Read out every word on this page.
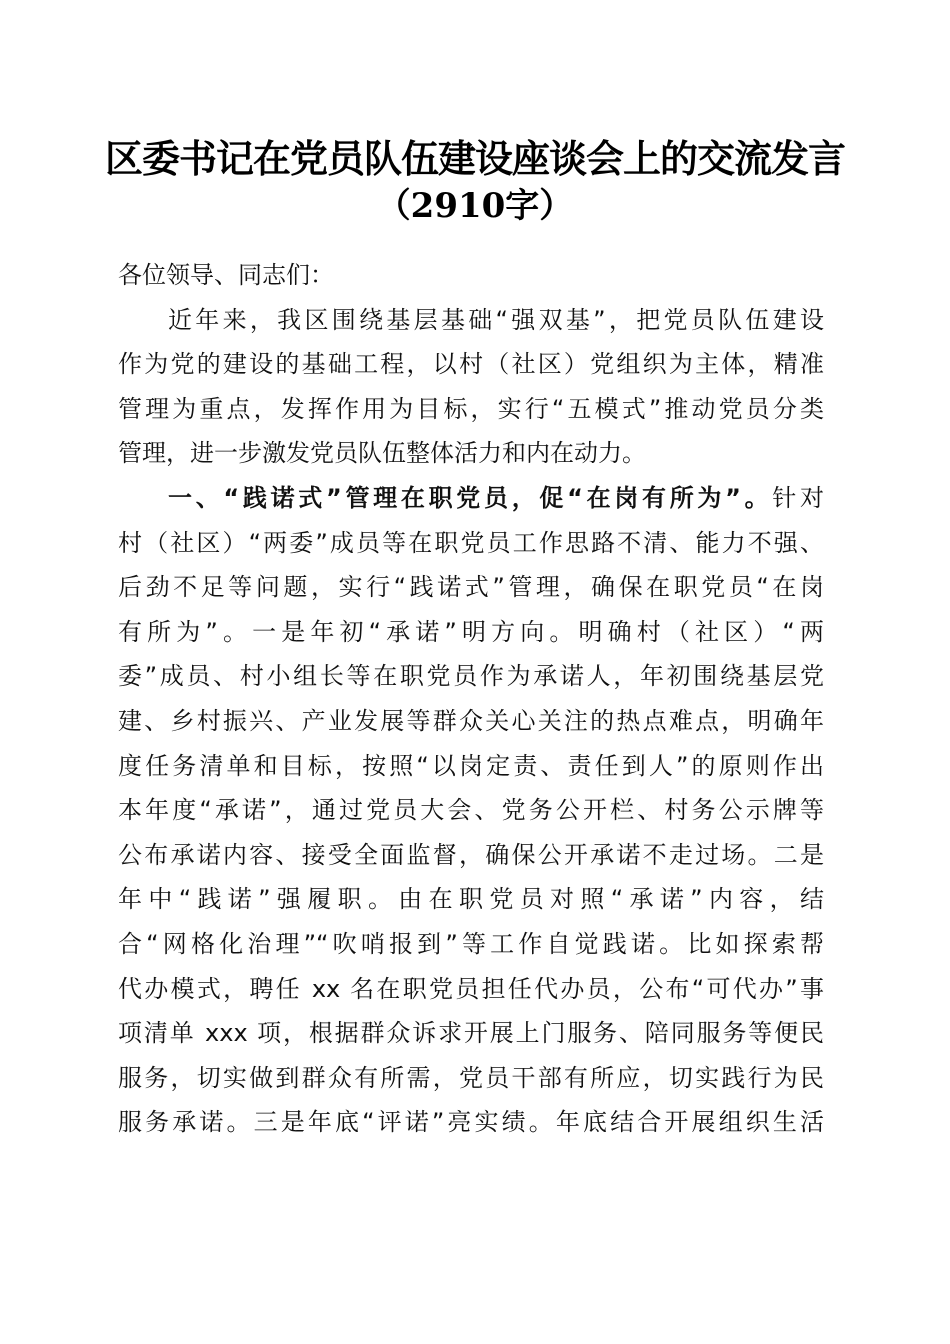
区委书记在党员队伍建设座谈会上的交流发言
（2910字）
各位领导、同志们：
近年来，我区围绕基层基础“强双基”，把党员队伍建设
作为党的建设的基础工程，以村（社区）党组织为主体，精准
管理为重点，发挥作用为目标，实行“五模式”推动党员分类
管理，进一步激发党员队伍整体活力和内在动力。
一、“践诺式”管理在职党员，促“在岗有所为”。针对
村（社区）“两委”成员等在职党员工作思路不清、能力不强、
后劲不足等问题，实行“践诺式”管理，确保在职党员“在岗
有所为”。一是年初“承诺”明方向。明确村（社区）“两
委”成员、村小组长等在职党员作为承诺人，年初围绕基层党
建、乡村振兴、产业发展等群众关心关注的热点难点，明确年
度任务清单和目标，按照“以岗定责、责任到人”的原则作出
本年度“承诺”，通过党员大会、党务公开栏、村务公示牌等
公布承诺内容、接受全面监督，确保公开承诺不走过场。二是
年中“践诺”强履职。由在职党员对照“承诺”内容，结
合“网格化治理”“吹哨报到”等工作自觉践诺。比如探索帮
代办模式，聘任 xx 名在职党员担任代办员，公布“可代办”事
项清单 xxx 项，根据群众诉求开展上门服务、陪同服务等便民
服务，切实做到群众有所需，党员干部有所应，切实践行为民
服务承诺。三是年底“评诺”亮实绩。年底结合开展组织生活
